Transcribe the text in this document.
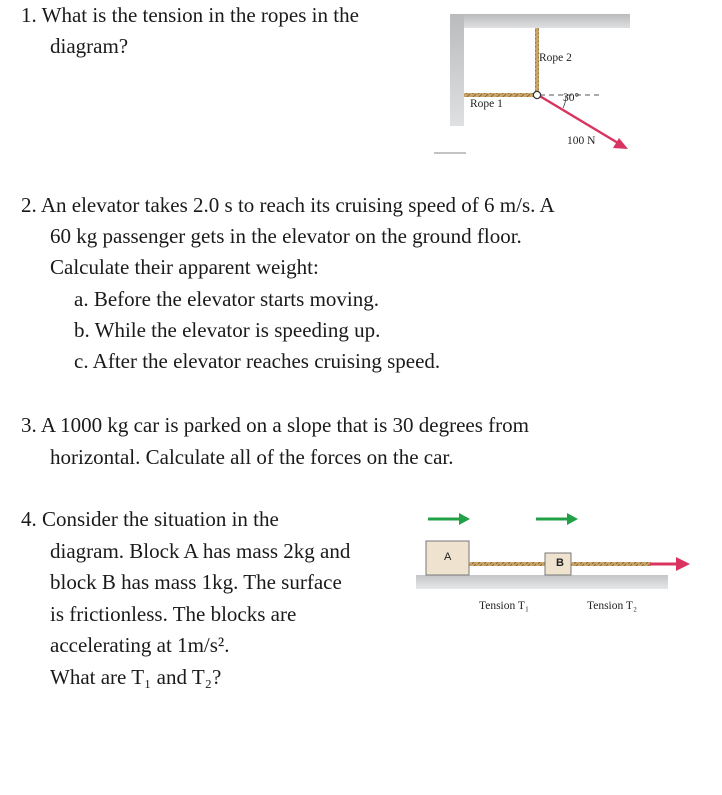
1. What is the tension in the ropes in the
diagram?	Rope 2
Rope 1	30°
100 N
2. An elevator takes 2.0 s to reach its cruising speed of 6 m/s. A
60 kg passenger gets in the elevator on the ground floor.
Calculate their apparent weight:
a. Before the elevator starts moving.
b. While the elevator is speeding up.
c. After the elevator reaches cruising speed.
3. A 1000 kg car is parked on a slope that is 30 degrees from
horizontal. Calculate all of the forces on the car.
4. Consider the situation in the
diagram. Block A has mass 2kg and
block B has mass 1kg. The surface
is frictionless. The blocks are
accelerating at 1m/s².
What are T₁ and T₂?
A	B
Tension T₁	Tension T₂
